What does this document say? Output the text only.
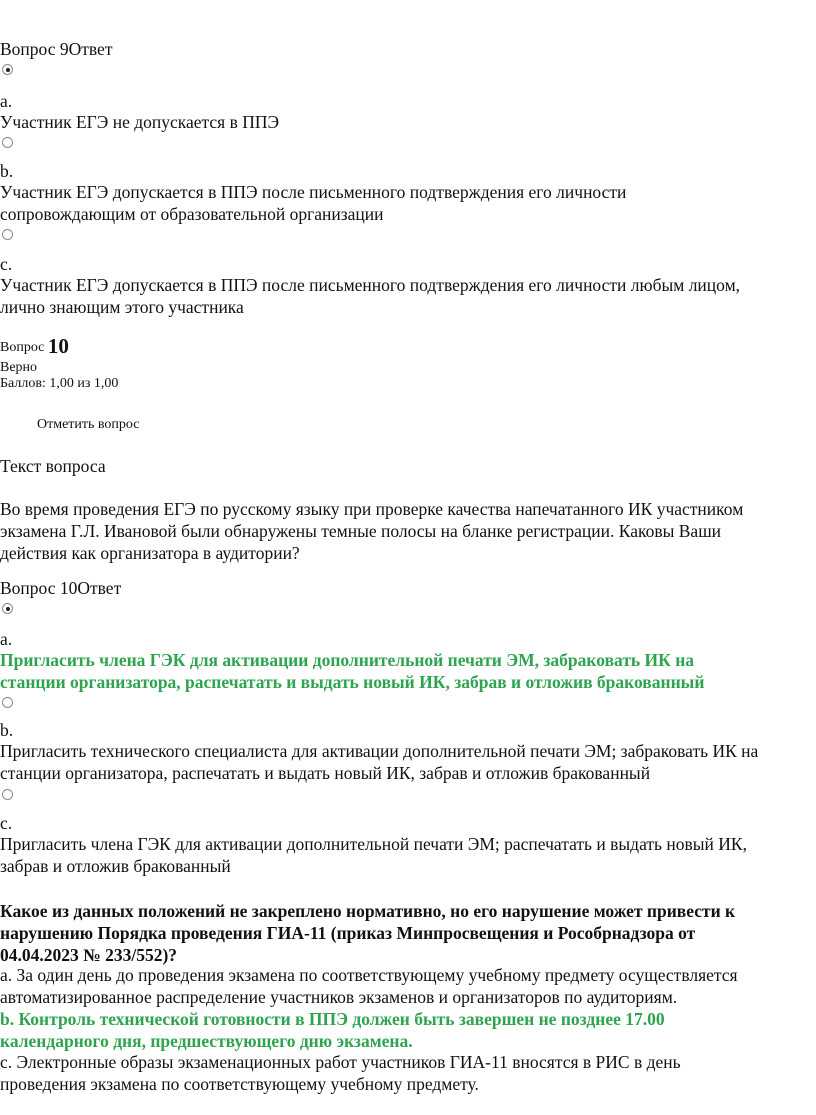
Вопрос 9Ответ
a.
Участник ЕГЭ не допускается в ППЭ
b.
Участник ЕГЭ допускается в ППЭ после письменного подтверждения его личности
сопровождающим от образовательной организации
c.
Участник ЕГЭ допускается в ППЭ после письменного подтверждения его личности любым лицом,
лично знающим этого участника
Вопрос 10
Верно
Баллов: 1,00 из 1,00
Отметить вопрос
Текст вопроса
Во время проведения ЕГЭ по русскому языку при проверке качества напечатанного ИК участником
экзамена Г.Л. Ивановой были обнаружены темные полосы на бланке регистрации. Каковы Ваши
действия как организатора в аудитории?
Вопрос 10Ответ
a.
Пригласить члена ГЭК для активации дополнительной печати ЭМ, забраковать ИК на
станции организатора, распечатать и выдать новый ИК, забрав и отложив бракованный
b.
Пригласить технического специалиста для активации дополнительной печати ЭМ; забраковать ИК на
станции организатора, распечатать и выдать новый ИК, забрав и отложив бракованный
c.
Пригласить члена ГЭК для активации дополнительной печати ЭМ; распечатать и выдать новый ИК,
забрав и отложив бракованный
Какое из данных положений не закреплено нормативно, но его нарушение может привести к
нарушению Порядка проведения ГИА-11 (приказ Минпросвещения и Рособрнадзора от
04.04.2023 № 233/552)?
a. За один день до проведения экзамена по соответствующему учебному предмету осуществляется
автоматизированное распределение участников экзаменов и организаторов по аудиториям.
b. Контроль технической готовности в ППЭ должен быть завершен не позднее 17.00
календарного дня, предшествующего дню экзамена.
c. Электронные образы экзаменационных работ участников ГИА-11 вносятся в РИС в день
проведения экзамена по соответствующему учебному предмету.
